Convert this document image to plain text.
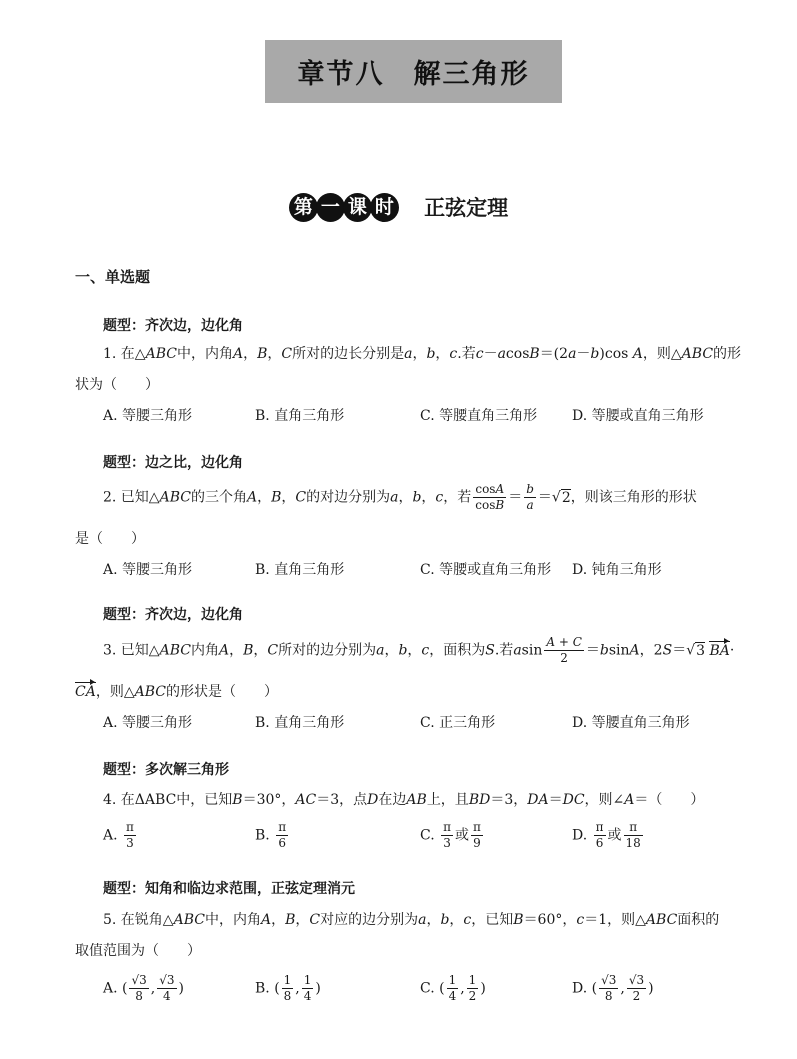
章节八　解三角形
第 一 课 时 正弦定理
一、单选题
题型：齐次边，边化角
1. 在△ABC中，内角A，B，C所对的边长分别是a，b，c.若c－acosB＝(2a－b)cos A，则△ABC的形
状为（　　）
A. 等腰三角形	B. 直角三角形	C. 等腰直角三角形 D. 等腰或直角三角形
题型：边之比，边化角
2. 已知△ABC的三个角A，B，C的对边分别为a，b，c，若 $\frac{\cos A}{\cos B} = \frac{b}{a} =√2$，则该三角形的形状
是（　　）
A. 等腰三角形	B. 直角三角形	C. 等腰或直角三角形 D. 钝角三角形
题型：齐次边，边化角
3. 已知△ABC内角A，B，C所对的边分别为a，b，c，面积为S.若asin $\frac{A + C}{2} =bsinA$，2S＝√3 BA·
CA，则△ABC的形状是（　　）
A. 等腰三角形	B. 直角三角形	C. 正三角形	D. 等腰直角三角形
题型：多次解三角形
4. 在ΔABC中，已知B＝30°，AC＝3，点D在边AB上，且BD＝3，DA＝DC，则∠A＝（　　）
A. $\frac{\pi}{3}$	B. $\frac{\pi}{6}$	C. $\frac{\pi}{3}$ 或 $\frac{\pi}{9}$	D. $\frac{\pi}{6}$ 或 $\frac{\pi}{18}$
题型：知角和临边求范围，正弦定理消元
5. 在锐角△ABC中，内角A，B，C对应的边分别为a，b，c，已知B＝60°，c＝1，则△ABC面积的
取值范围为（　　）
A. ( $\frac{√3}{8}$ , $\frac{√3}{4}$ )	B. ( $\frac{1}{8}$ , $\frac{1}{4}$ )	C. ( $\frac{1}{4}$ , $\frac{1}{2}$ )	D. ( $\frac{√3}{8}$ , $\frac{√3}{2}$ )
